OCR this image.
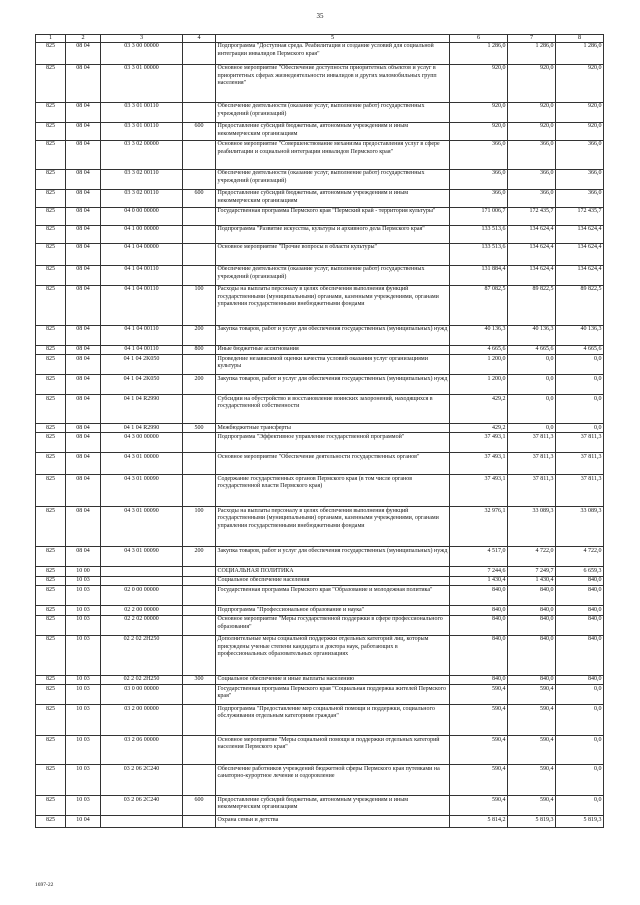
35
1	2	3	4	5	6	7	8
825	08 04	03 3 00 00000		Подпрограмма "Доступная среда. Реабилитация и создание условий для социальной интеграции инвалидов Пермского края"	1 286,0	1 286,0	1 286,0
825	08 04	03 3 01 00000		Основное мероприятие "Обеспечение доступности приоритетных объектов и услуг в приоритетных сферах жизнедеятельности инвалидов и других маломобильных групп населения"	920,0	920,0	920,0
825	08 04	03 3 01 00110		Обеспечение деятельности (оказание услуг, выполнение работ) государственных учреждений (организаций)	920,0	920,0	920,0
825	08 04	03 3 01 00110	600	Предоставление субсидий бюджетным, автономным учреждениям и иным некоммерческим организациям	920,0	920,0	920,0
825	08 04	03 3 02 00000		Основное мероприятие "Совершенствование механизма предоставления услуг в сфере реабилитации и социальной интеграции инвалидов Пермского края"	366,0	366,0	366,0
825	08 04	03 3 02 00110		Обеспечение деятельности (оказание услуг, выполнение работ) государственных учреждений (организаций)	366,0	366,0	366,0
825	08 04	03 3 02 00110	600	Предоставление субсидий бюджетным, автономным учреждениям и иным некоммерческим организациям	366,0	366,0	366,0
825	08 04	04 0 00 00000		Государственная программа Пермского края "Пермский край - территория культуры"	171 006,7	172 435,7	172 435,7
825	08 04	04 1 00 00000		Подпрограмма "Развитие искусства, культуры и архивного дела Пермского края"	133 513,6	134 624,4	134 624,4
825	08 04	04 1 04 00000		Основное мероприятие "Прочие вопросы в области культуры"	133 513,6	134 624,4	134 624,4
825	08 04	04 1 04 00110		Обеспечение деятельности (оказание услуг, выполнение работ) государственных учреждений (организаций)	131 884,4	134 624,4	134 624,4
825	08 04	04 1 04 00110	100	Расходы на выплаты персоналу в целях обеспечения выполнения функций государственными (муниципальными) органами, казенными учреждениями, органами управления государственными внебюджетными фондами	87 082,5	89 822,5	89 822,5
825	08 04	04 1 04 00110	200	Закупка товаров, работ и услуг для обеспечения государственных (муниципальных) нужд	40 136,3	40 136,3	40 136,3
825	08 04	04 1 04 00110	800	Иные бюджетные ассигнования	4 665,6	4 665,6	4 665,6
825	08 04	04 1 04 2K050		Проведение независимой оценки качества условий оказания услуг организациями культуры	1 200,0	0,0	0,0
825	08 04	04 1 04 2K050	200	Закупка товаров, работ и услуг для обеспечения государственных (муниципальных) нужд	1 200,0	0,0	0,0
825	08 04	04 1 04 R2990		Субсидии на обустройство и восстановление воинских захоронений, находящихся в государственной собственности	429,2	0,0	0,0
825	08 04	04 1 04 R2990	500	Межбюджетные трансферты	429,2	0,0	0,0
825	08 04	04 3 00 00000		Подпрограмма "Эффективное управление государственной программой"	37 493,1	37 811,3	37 811,3
825	08 04	04 3 01 00000		Основное мероприятие "Обеспечение деятельности государственных органов"	37 493,1	37 811,3	37 811,3
825	08 04	04 3 01 00090		Содержание государственных органов Пермского края (в том числе органов государственной власти Пермского края)	37 493,1	37 811,3	37 811,3
825	08 04	04 3 01 00090	100	Расходы на выплаты персоналу в целях обеспечения выполнения функций государственными (муниципальными) органами, казенными учреждениями, органами управления государственными внебюджетными фондами	32 976,1	33 089,3	33 089,3
825	08 04	04 3 01 00090	200	Закупка товаров, работ и услуг для обеспечения государственных (муниципальных) нужд	4 517,0	4 722,0	4 722,0
825	10 00			СОЦИАЛЬНАЯ ПОЛИТИКА	7 244,6	7 249,7	6 659,3
825	10 03			Социальное обеспечение населения	1 430,4	1 430,4	840,0
825	10 03	02 0 00 00000		Государственная программа Пермского края "Образование и молодежная политика"	840,0	840,0	840,0
825	10 03	02 2 00 00000		Подпрограмма "Профессиональное образование и наука"	840,0	840,0	840,0
825	10 03	02 2 02 00000		Основное мероприятие "Меры государственной поддержки в сфере профессионального образования"	840,0	840,0	840,0
825	10 03	02 2 02 2H250		Дополнительные меры социальной поддержки отдельных категорий лиц, которым присуждены ученые степени кандидата и доктора наук, работающих в профессиональных образовательных организациях	840,0	840,0	840,0
825	10 03	02 2 02 2H250	300	Социальное обеспечение и иные выплаты населению	840,0	840,0	840,0
825	10 03	03 0 00 00000		Государственная программа Пермского края "Социальная поддержка жителей Пермского края"	590,4	590,4	0,0
825	10 03	03 2 00 00000		Подпрограмма "Предоставление мер социальной помощи и поддержки, социального обслуживания отдельным категориям граждан"	590,4	590,4	0,0
825	10 03	03 2 06 00000		Основное мероприятие "Меры социальной помощи и поддержки отдельных категорий населения Пермского края"	590,4	590,4	0,0
825	10 03	03 2 06 2C240		Обеспечение работников учреждений бюджетной сферы Пермского края путевками на санаторно-курортное лечение и оздоровление	590,4	590,4	0,0
825	10 03	03 2 06 2C240	600	Предоставление субсидий бюджетным, автономным учреждениям и иным некоммерческим организациям	590,4	590,4	0,0
825	10 04			Охрана семьи и детства	5 814,2	5 819,3	5 819,3
1697-22
